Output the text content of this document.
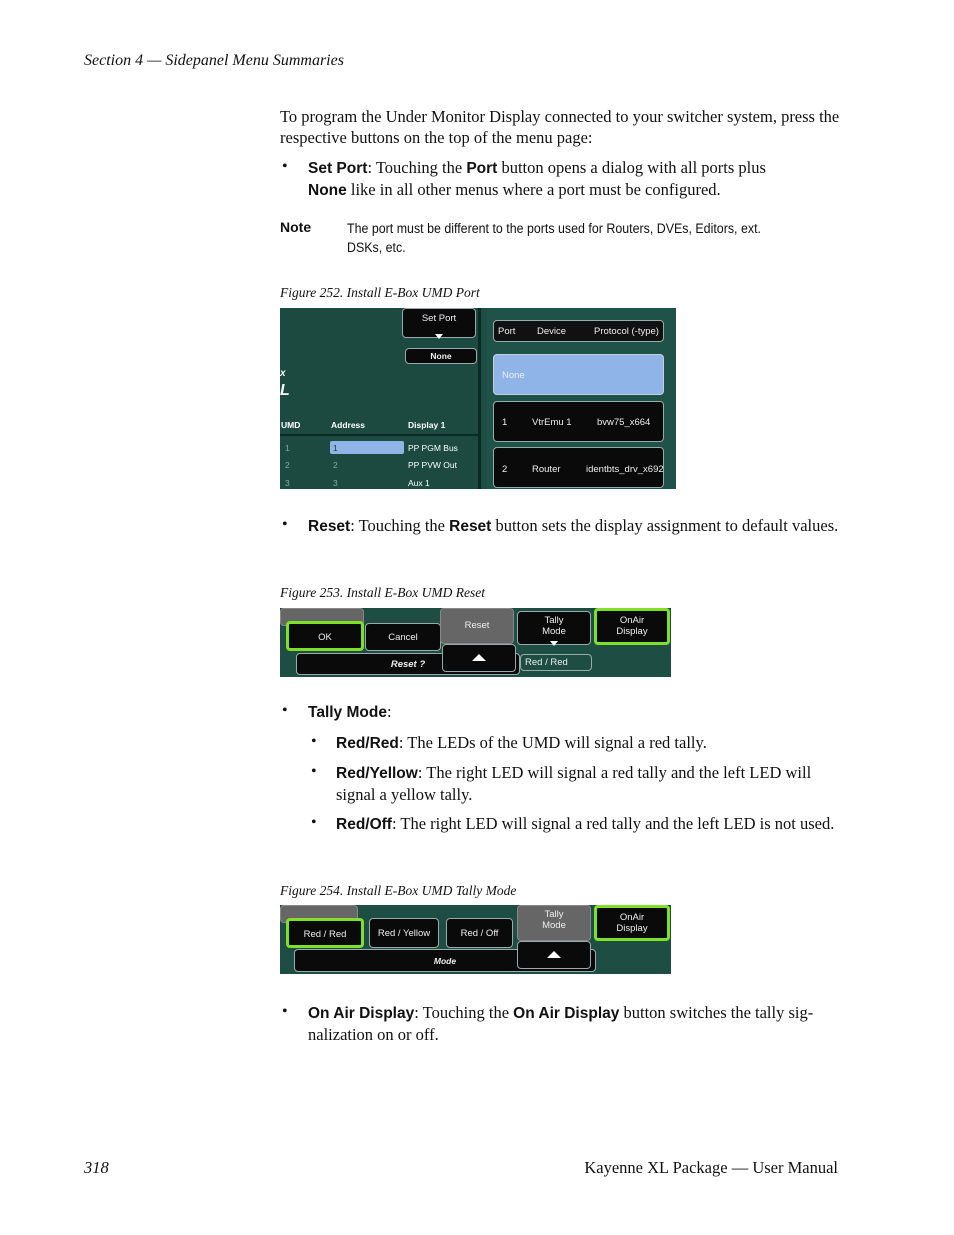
Section 4 — Sidepanel Menu Summaries
To program the Under Monitor Display connected to your switcher system, press the respective buttons on the top of the menu page:
• Set Port: Touching the Port button opens a dialog with all ports plus
None like in all other menus where a port must be configured.
Note	The port must be different to the ports used for Routers, DVEs, Editors, ext. DSKs, etc.
Figure 252. Install E-Box UMD Port
Set Port
None
x
L
UMD	Address	Display 1
1	1	PP PGM Bus
2	2	PP PVW Out
3	3	Aux 1
Port Device	Protocol (-type)
None
1	VtrEmu 1	bvw75_x664
2	Router	identbts_drv_x692
• Reset: Touching the Reset button sets the display assignment to default values.
Figure 253. Install E-Box UMD Reset
OK	Cancel
Reset	Tally Mode
OnAir Display
Reset ?	Red / Red
• Tally Mode:
• Red/Red: The LEDs of the UMD will signal a red tally.
• Red/Yellow: The right LED will signal a red tally and the left LED will signal a yellow tally.
• Red/Off: The right LED will signal a red tally and the left LED is not used.
Figure 254. Install E-Box UMD Tally Mode
Red / Red	Red / Yellow	Red / Off
Tally Mode
OnAir Display
Mode
• On Air Display: Touching the On Air Display button switches the tally sig-nalization on or off.
318	Kayenne XL Package — User Manual
